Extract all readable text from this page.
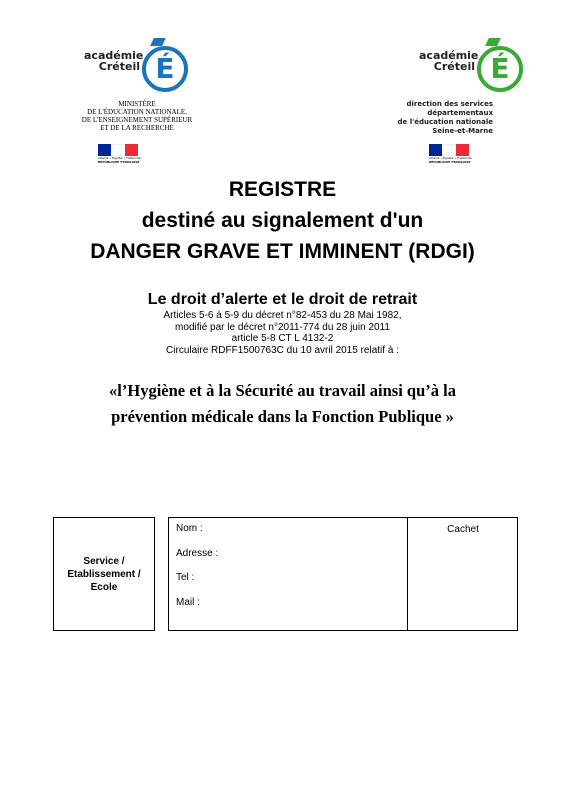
académie
Créteil É
MINISTÈRE
DE L'ÉDUCATION NATIONALE,
DE L'ENSEIGNEMENT SUPÉRIEUR
ET DE LA RECHERCHE
Liberté • Égalité • Fraternité
RÉPUBLIQUE FRANÇAISE
académie
Créteil É
direction des services
départementaux
de l'éducation nationale
Seine-et-Marne
Liberté • Égalité • Fraternité
RÉPUBLIQUE FRANÇAISE
REGISTRE
destiné au signalement d'un
DANGER GRAVE ET IMMINENT (RDGI)
Le droit d’alerte et le droit de retrait
Articles 5-6 à 5-9 du décret n°82-453 du 28 Mai 1982,
modifié par le décret n°2011-774 du 28 juin 2011
article 5-8 CT L 4132-2
Circulaire RDFF1500763C du 10 avril 2015 relatif à :
«l’Hygiène et à la Sécurité au travail ainsi qu’à la
prévention médicale dans la Fonction Publique »
Service /
Etablissement /
Ecole
Nom :
Adresse :
Tel :
Mail :
Cachet
